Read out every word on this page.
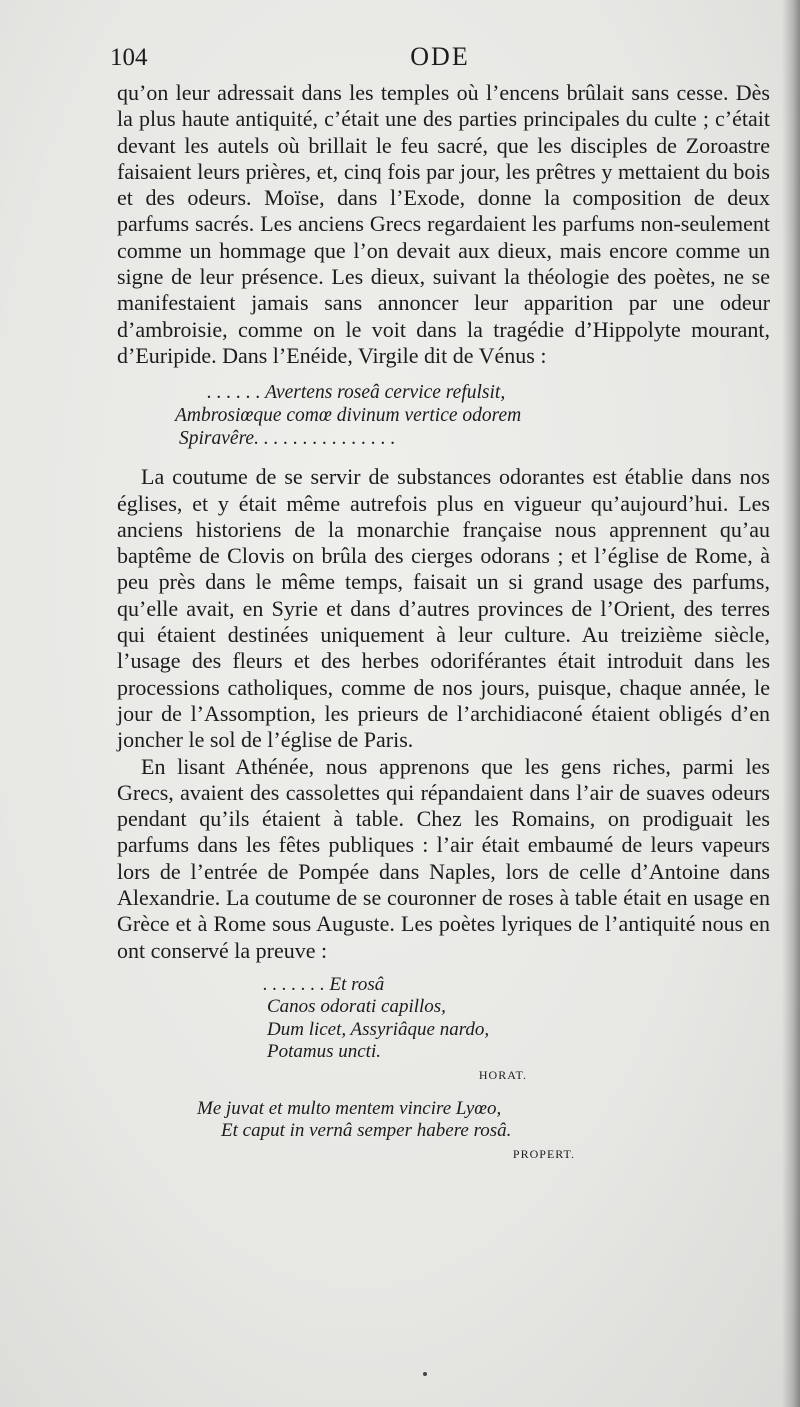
104	ODE

qu’on leur adressait dans les temples où l’encens brûlait sans cesse. Dès la plus haute antiquité, c’était une des parties principales du culte ; c’était devant les autels où brillait le feu sacré, que les disciples de Zoroastre faisaient leurs prières, et, cinq fois par jour, les prêtres y mettaient du bois et des odeurs. Moïse, dans l’Exode, donne la composition de deux parfums sacrés. Les anciens Grecs regardaient les parfums non-seulement comme un hommage que l’on devait aux dieux, mais encore comme un signe de leur présence. Les dieux, suivant la théologie des poètes, ne se manifestaient jamais sans annoncer leur apparition par une odeur d’ambroisie, comme on le voit dans la tragédie d’Hippolyte mourant, d’Euripide. Dans l’Enéide, Virgile dit de Vénus :

. . . . . . Avertens roseâ cervice refulsit,
Ambrosiœque comœ divinum vertice odorem
Spiravêre. . . . . . . . . . . . . . .

La coutume de se servir de substances odorantes est établie dans nos églises, et y était même autrefois plus en vigueur qu’aujourd’hui. Les anciens historiens de la monarchie française nous apprennent qu’au baptême de Clovis on brûla des cierges odorans ; et l’église de Rome, à peu près dans le même temps, faisait un si grand usage des parfums, qu’elle avait, en Syrie et dans d’autres provinces de l’Orient, des terres qui étaient destinées uniquement à leur culture. Au treizième siècle, l’usage des fleurs et des herbes odoriférantes était introduit dans les processions catholiques, comme de nos jours, puisque, chaque année, le jour de l’Assomption, les prieurs de l’archidiaconé étaient obligés d’en joncher le sol de l’église de Paris.

En lisant Athénée, nous apprenons que les gens riches, parmi les Grecs, avaient des cassolettes qui répandaient dans l’air de suaves odeurs pendant qu’ils étaient à table. Chez les Romains, on prodiguait les parfums dans les fêtes publiques : l’air était embaumé de leurs vapeurs lors de l’entrée de Pompée dans Naples, lors de celle d’Antoine dans Alexandrie. La coutume de se couronner de roses à table était en usage en Grèce et à Rome sous Auguste. Les poètes lyriques de l’antiquité nous en ont conservé la preuve :

. . . . . . . Et rosâ
Canos odorati capillos,
Dum licet, Assyriâque nardo,
Potamus uncti.
HORAT.
Me juvat et multo mentem vincire Lyœo,
Et caput in vernâ semper habere rosâ.
PROPERT.
